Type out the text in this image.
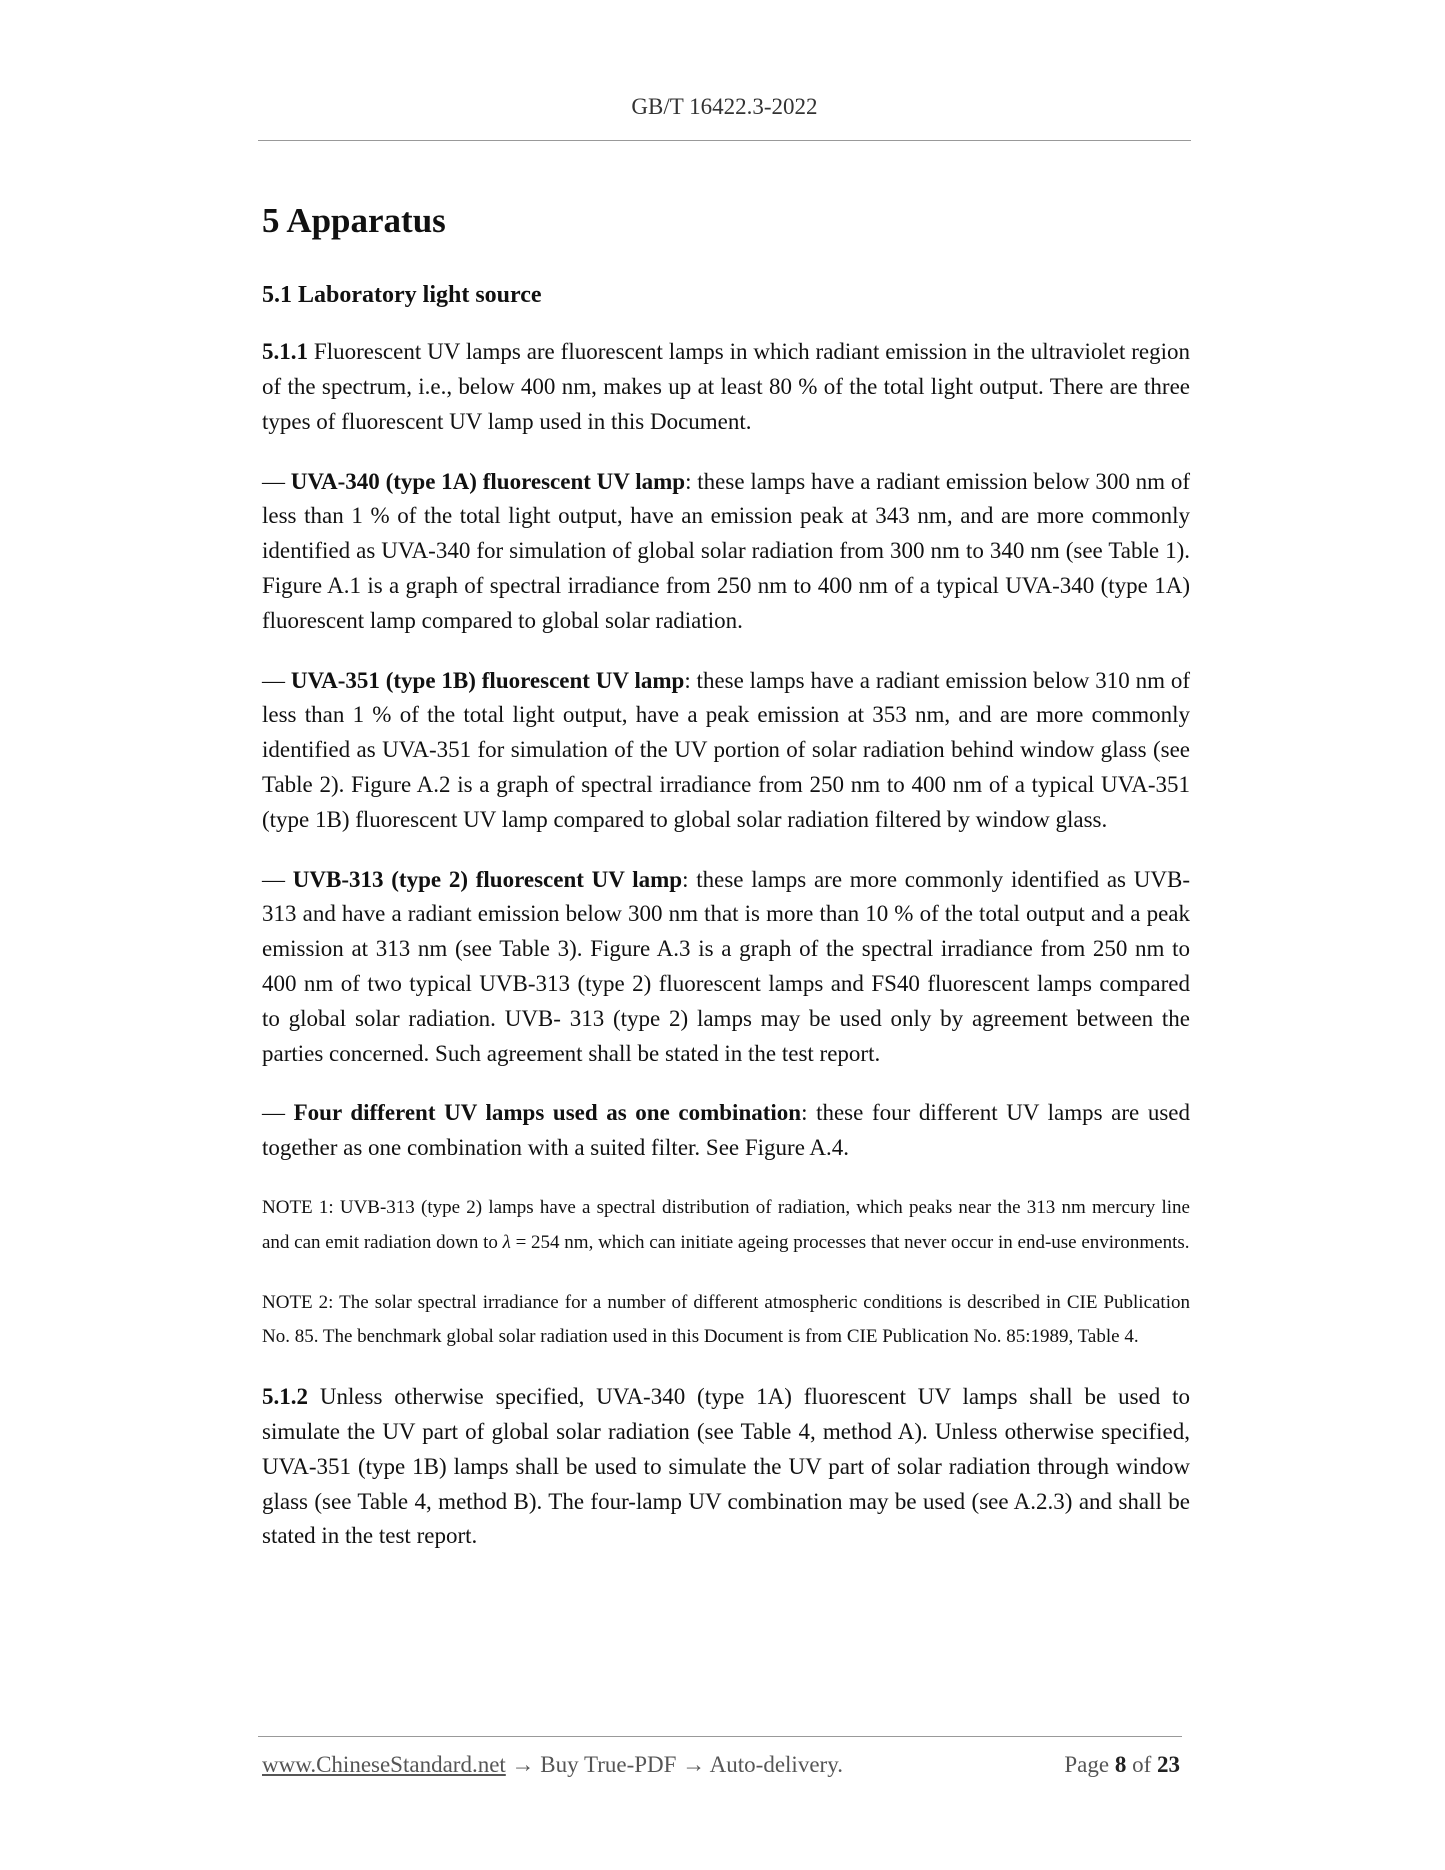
GB/T 16422.3-2022
5 Apparatus
5.1 Laboratory light source

5.1.1 Fluorescent UV lamps are fluorescent lamps in which radiant emission in the ultraviolet region of the spectrum, i.e., below 400 nm, makes up at least 80 % of the total light output. There are three types of fluorescent UV lamp used in this Document.

— UVA-340 (type 1A) fluorescent UV lamp: these lamps have a radiant emission below 300 nm of less than 1 % of the total light output, have an emission peak at 343 nm, and are more commonly identified as UVA-340 for simulation of global solar radiation from 300 nm to 340 nm (see Table 1). Figure A.1 is a graph of spectral irradiance from 250 nm to 400 nm of a typical UVA-340 (type 1A) fluorescent lamp compared to global solar radiation.

— UVA-351 (type 1B) fluorescent UV lamp: these lamps have a radiant emission below 310 nm of less than 1 % of the total light output, have a peak emission at 353 nm, and are more commonly identified as UVA-351 for simulation of the UV portion of solar radiation behind window glass (see Table 2). Figure A.2 is a graph of spectral irradiance from 250 nm to 400 nm of a typical UVA-351 (type 1B) fluorescent UV lamp compared to global solar radiation filtered by window glass.

— UVB-313 (type 2) fluorescent UV lamp: these lamps are more commonly identified as UVB-313 and have a radiant emission below 300 nm that is more than 10 % of the total output and a peak emission at 313 nm (see Table 3). Figure A.3 is a graph of the spectral irradiance from 250 nm to 400 nm of two typical UVB-313 (type 2) fluorescent lamps and FS40 fluorescent lamps compared to global solar radiation. UVB- 313 (type 2) lamps may be used only by agreement between the parties concerned. Such agreement shall be stated in the test report.

— Four different UV lamps used as one combination: these four different UV lamps are used together as one combination with a suited filter. See Figure A.4.

NOTE 1: UVB-313 (type 2) lamps have a spectral distribution of radiation, which peaks near the 313 nm mercury line and can emit radiation down to λ = 254 nm, which can initiate ageing processes that never occur in end-use environments.

NOTE 2: The solar spectral irradiance for a number of different atmospheric conditions is described in CIE Publication No. 85. The benchmark global solar radiation used in this Document is from CIE Publication No. 85:1989, Table 4.

5.1.2 Unless otherwise specified, UVA-340 (type 1A) fluorescent UV lamps shall be used to simulate the UV part of global solar radiation (see Table 4, method A). Unless otherwise specified, UVA-351 (type 1B) lamps shall be used to simulate the UV part of solar radiation through window glass (see Table 4, method B). The four-lamp UV combination may be used (see A.2.3) and shall be stated in the test report.

www.ChineseStandard.net → Buy True-PDF → Auto-delivery.	Page 8 of 23
